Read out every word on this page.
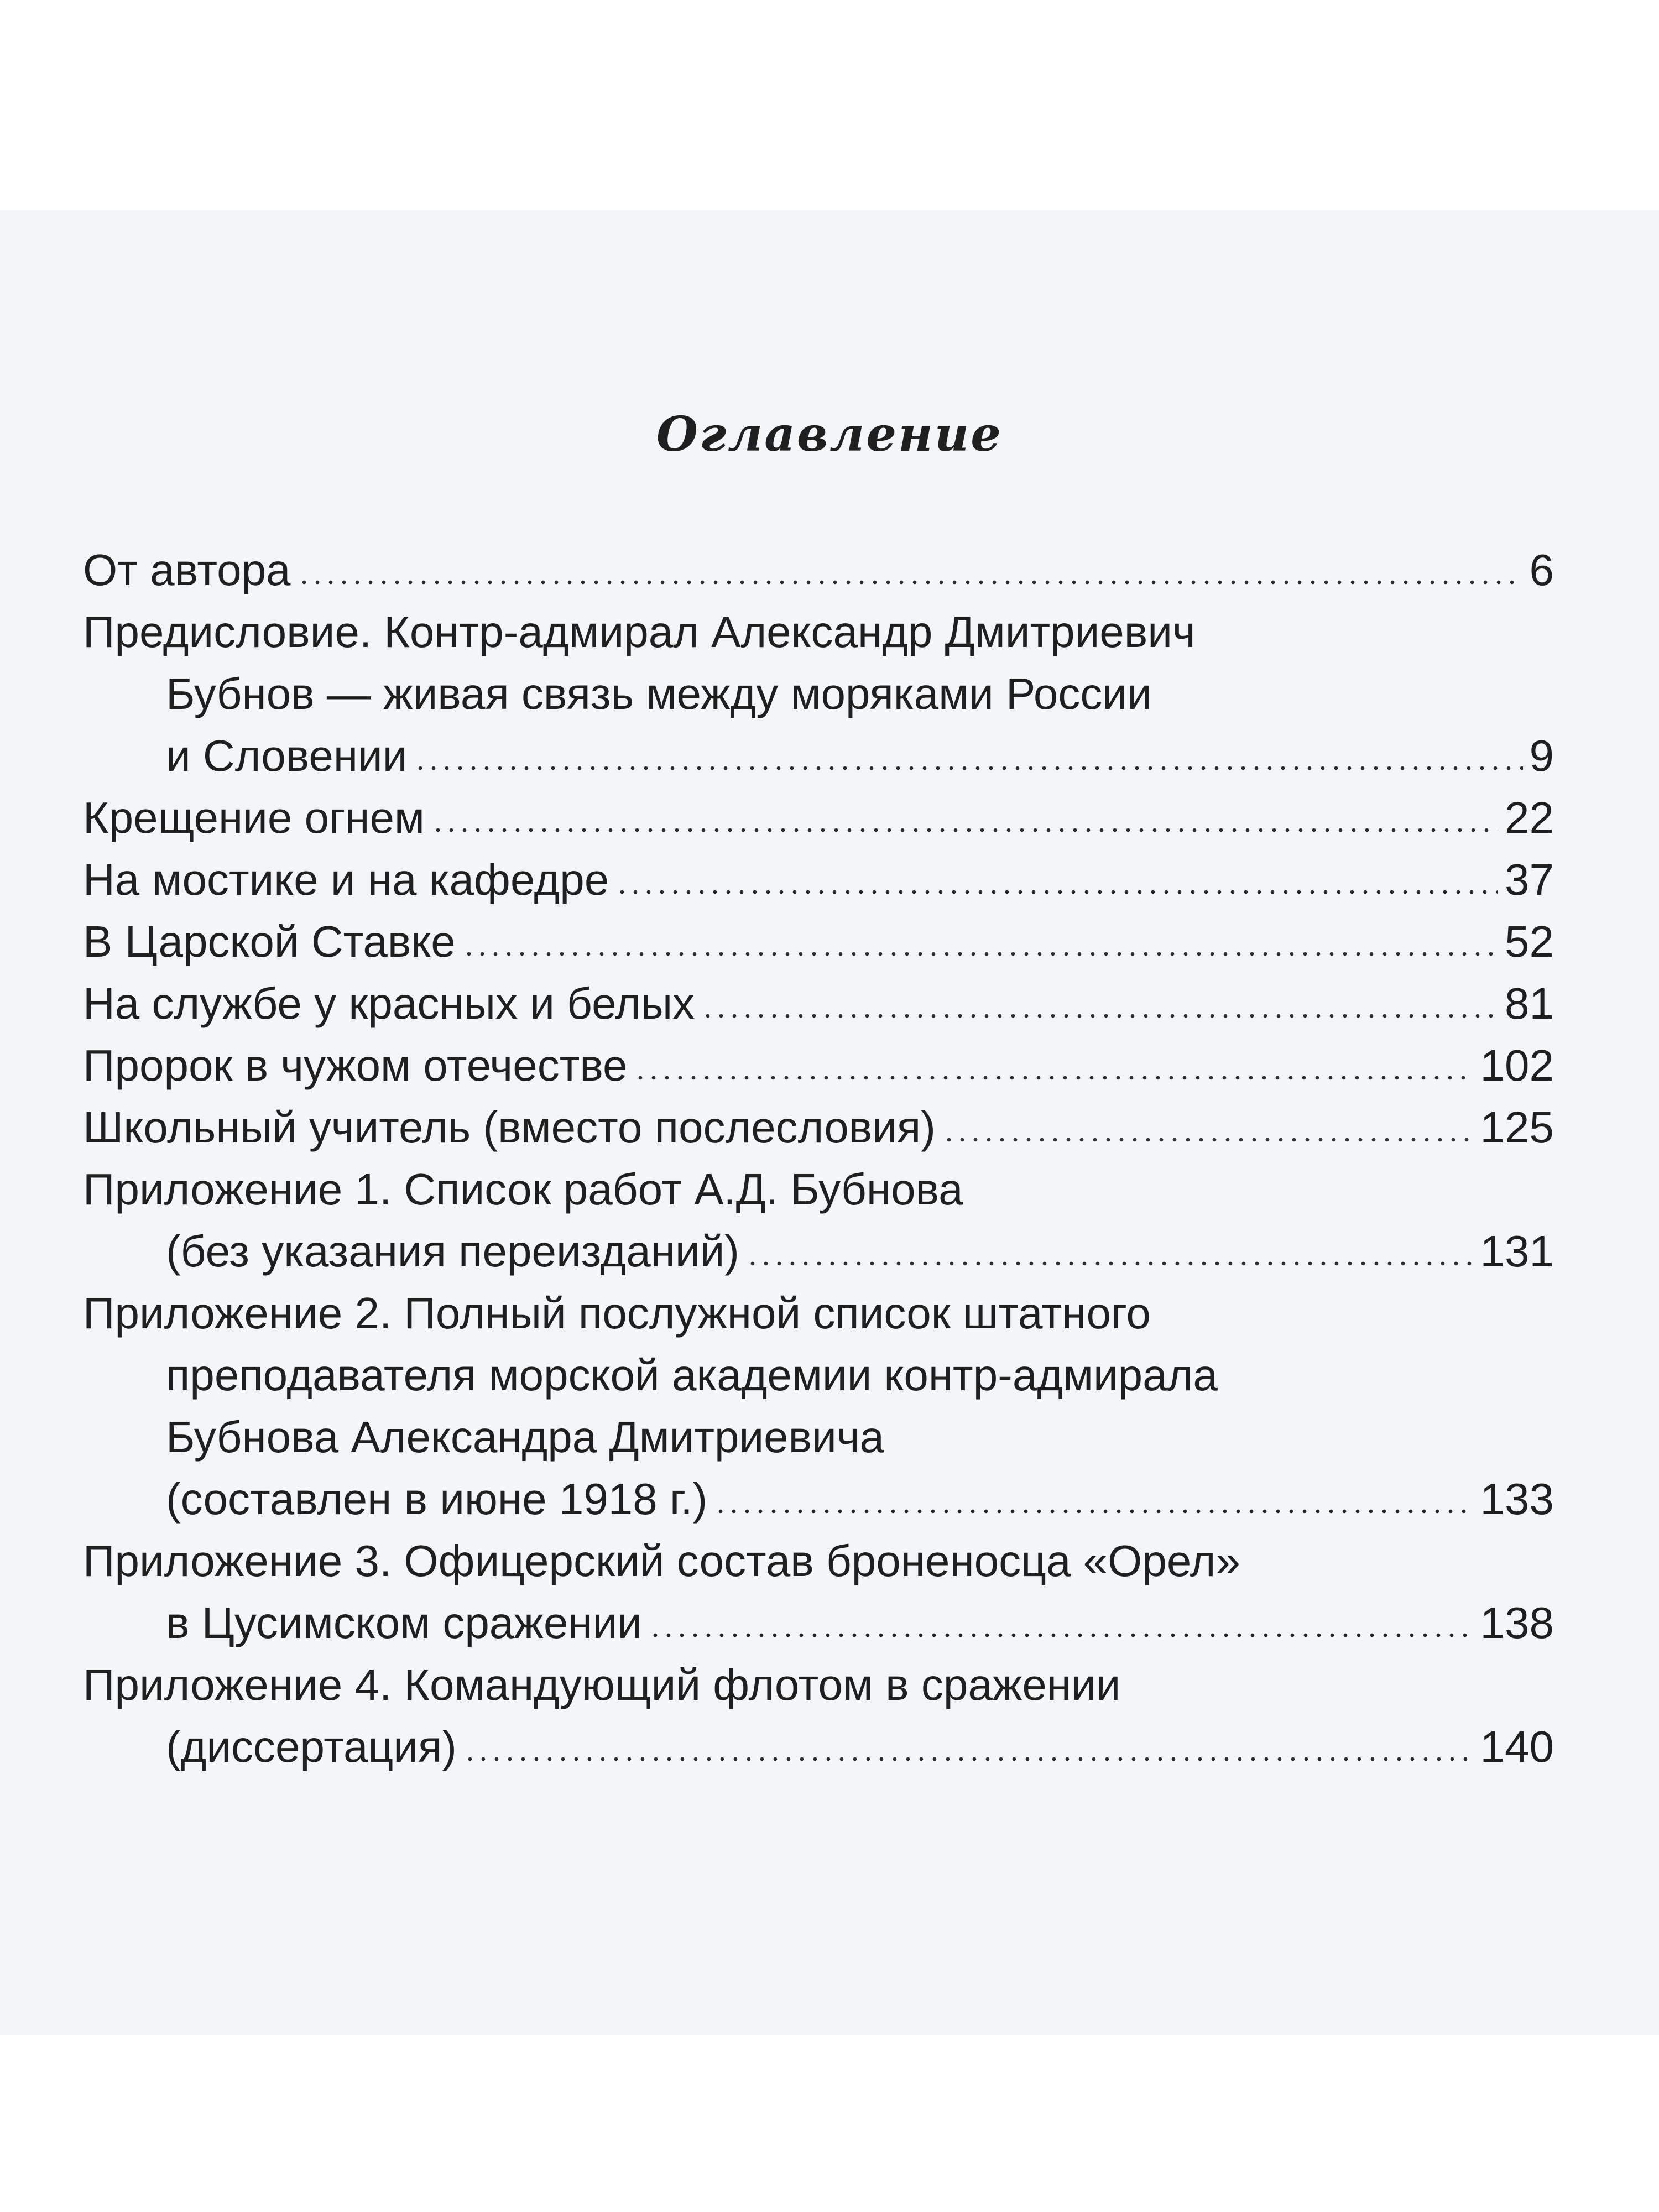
Оглавление
От автора	6
Предисловие. Контр-адмирал Александр Дмитриевич
Бубнов — живая связь между моряками России
и Словении	9
Крещение огнем	22
На мостике и на кафедре	37
В Царской Ставке	52
На службе у красных и белых	81
Пророк в чужом отечестве	102
Школьный учитель (вместо послесловия)	125
Приложение 1. Список работ А.Д. Бубнова
(без указания переизданий)	131
Приложение 2. Полный послужной список штатного
преподавателя морской академии контр-адмирала
Бубнова Александра Дмитриевича
(составлен в июне 1918 г.)	133
Приложение 3. Офицерский состав броненосца «Орел»
в Цусимском сражении	138
Приложение 4. Командующий флотом в сражении
(диссертация)	140
